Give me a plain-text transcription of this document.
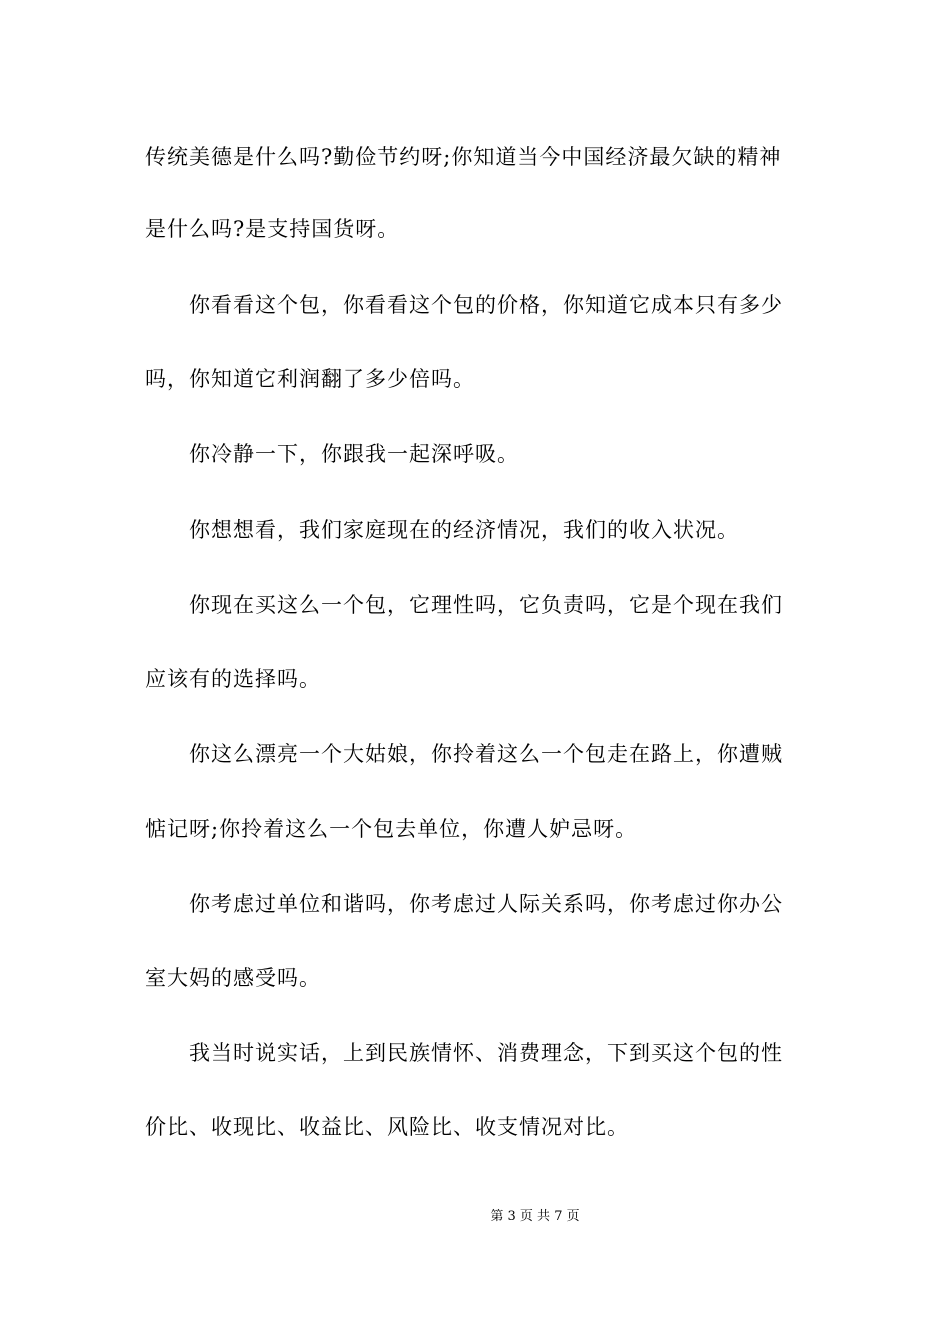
传统美德是什么吗?勤俭节约呀;你知道当今中国经济最欠缺的精神
是什么吗?是支持国货呀。
你看看这个包，你看看这个包的价格，你知道它成本只有多少
吗，你知道它利润翻了多少倍吗。
你冷静一下，你跟我一起深呼吸。
你想想看，我们家庭现在的经济情况，我们的收入状况。
你现在买这么一个包，它理性吗，它负责吗，它是个现在我们
应该有的选择吗。
你这么漂亮一个大姑娘，你拎着这么一个包走在路上，你遭贼
惦记呀;你拎着这么一个包去单位，你遭人妒忌呀。
你考虑过单位和谐吗，你考虑过人际关系吗，你考虑过你办公
室大妈的感受吗。
我当时说实话，上到民族情怀、消费理念，下到买这个包的性
价比、收现比、收益比、风险比、收支情况对比。
第 3 页 共 7 页
